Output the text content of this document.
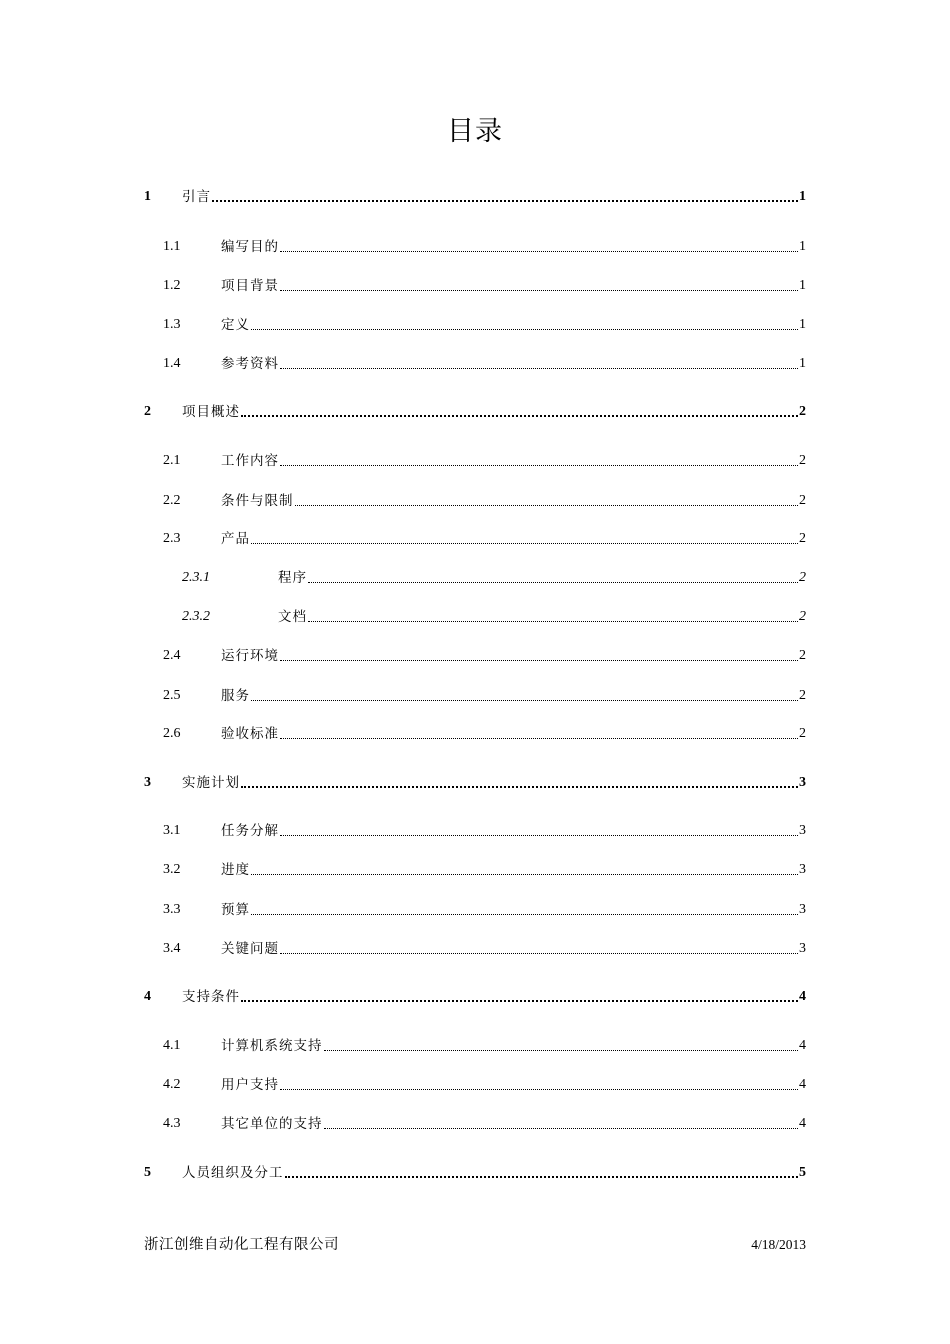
目录
1 引言	1
1.1	编写目的	1
1.2	项目背景	1
1.3	定义	1
1.4	参考资料	1
2 项目概述	2
2.1	工作内容	2
2.2	条件与限制	2
2.3	产品	2
2.3.1	程序	2
2.3.2	文档	2
2.4	运行环境	2
2.5	服务	2
2.6	验收标准	2
3 实施计划	3
3.1	任务分解	3
3.2	进度	3
3.3	预算	3
3.4	关键问题	3
4 支持条件	4
4.1	计算机系统支持	4
4.2	用户支持	4
4.3	其它单位的支持	4
5 人员组织及分工	5
浙江创维自动化工程有限公司	4/18/2013
